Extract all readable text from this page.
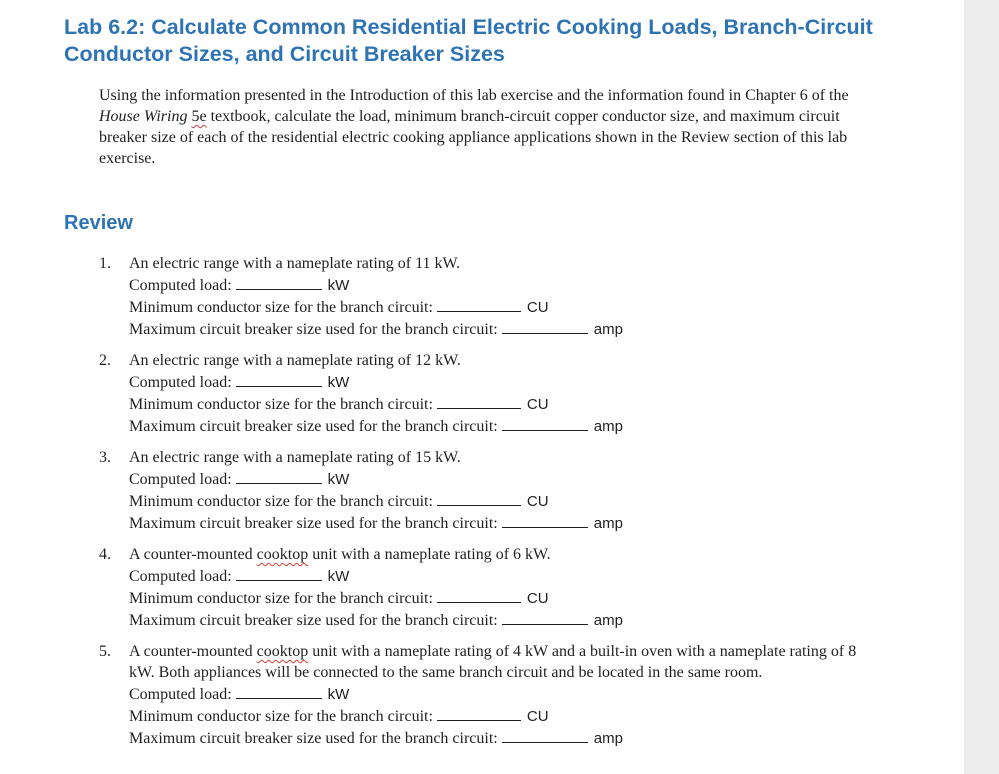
Lab 6.2: Calculate Common Residential Electric Cooking Loads, Branch-Circuit Conductor Sizes, and Circuit Breaker Sizes
Using the information presented in the Introduction of this lab exercise and the information found in Chapter 6 of the House Wiring 5e textbook, calculate the load, minimum branch-circuit copper conductor size, and maximum circuit breaker size of each of the residential electric cooking appliance applications shown in the Review section of this lab exercise.
Review
1. An electric range with a nameplate rating of 11 kW.
Computed load:	kW
Minimum conductor size for the branch circuit:	CU
Maximum circuit breaker size used for the branch circuit:	amp
2. An electric range with a nameplate rating of 12 kW.
Computed load:	kW
Minimum conductor size for the branch circuit:	CU
Maximum circuit breaker size used for the branch circuit:	amp
3. An electric range with a nameplate rating of 15 kW.
Computed load:	kW
Minimum conductor size for the branch circuit:	CU
Maximum circuit breaker size used for the branch circuit:	amp
4. A counter-mounted cooktop unit with a nameplate rating of 6 kW.
Computed load:	kW
Minimum conductor size for the branch circuit:	CU
Maximum circuit breaker size used for the branch circuit:	amp
5. A counter-mounted cooktop unit with a nameplate rating of 4 kW and a built-in oven with a nameplate rating of 8 kW. Both appliances will be connected to the same branch circuit and be located in the same room.
Computed load:	kW
Minimum conductor size for the branch circuit:	CU
Maximum circuit breaker size used for the branch circuit:	amp
